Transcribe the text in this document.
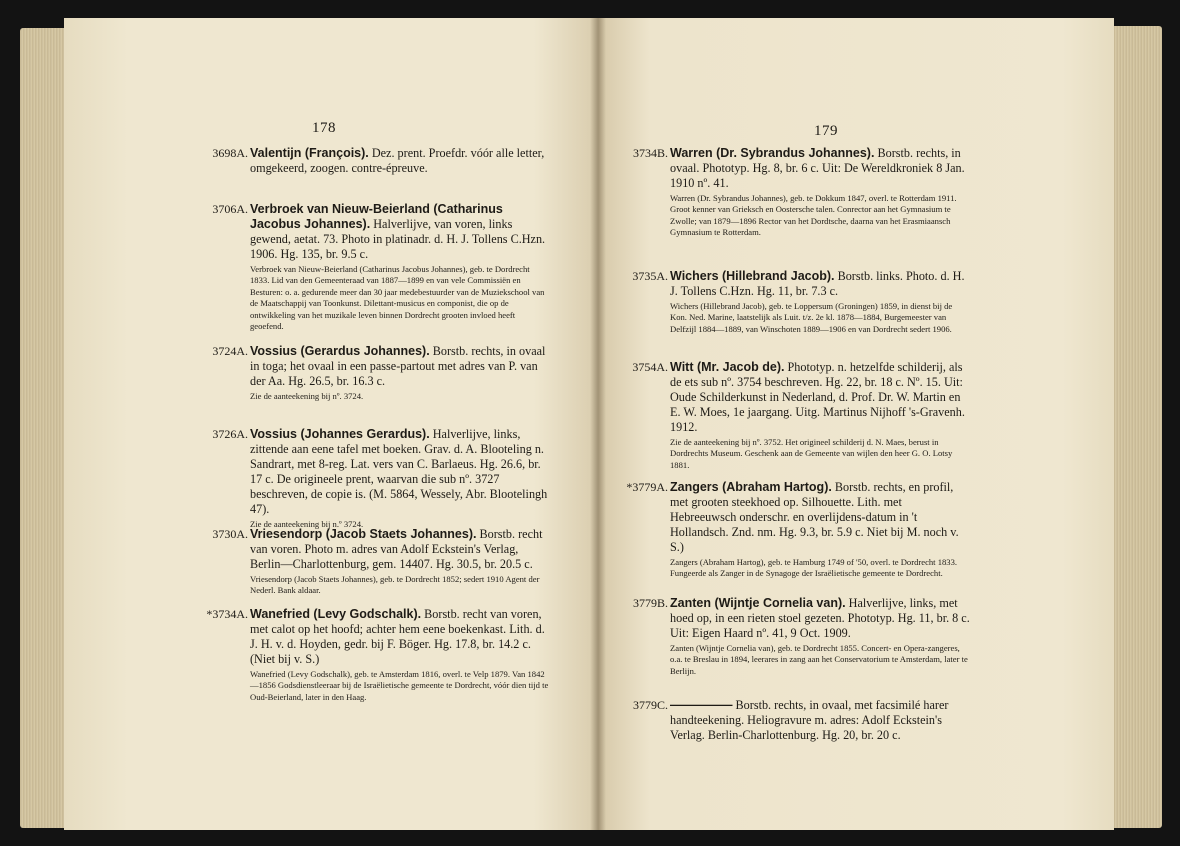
178
3698A. Valentijn (François). Dez. prent. Proefdr. vóór alle letter, omgekeerd, zoogen. contre-épreuve.

3706A. Verbroek van Nieuw-Beierland (Catharinus Jacobus Johannes). Halverlijve, van voren, links gewend, aetat. 73. Photo in platinadr. d. H. J. Tollens C.Hzn. 1906. Hg. 135, br. 9.5 c.

Verbroek van Nieuw-Beierland (Catharinus Jacobus Johannes), geb. te Dordrecht 1833. Lid van den Gemeenteraad van 1887—1899 en van vele Commissiën en Besturen: o. a. gedurende meer dan 30 jaar medebestuurder van de Muziekschool van de Maatschappij van Toonkunst. Dilettant-musicus en componist, die op de ontwikkeling van het muzikale leven binnen Dordrecht grooten invloed heeft geoefend.

3724A. Vossius (Gerardus Johannes). Borstb. rechts, in ovaal in toga; het ovaal in een passe-partout met adres van P. van der Aa. Hg. 26.5, br. 16.3 c.

Zie de aanteekening bij nº. 3724.

3726A. Vossius (Johannes Gerardus). Halverlijve, links, zittende aan eene tafel met boeken. Grav. d. A. Blooteling n. Sandrart, met 8-reg. Lat. vers van C. Barlaeus. Hg. 26.6, br. 17 c. De origineele prent, waarvan die sub nº. 3727 beschreven, de copie is. (M. 5864, Wessely, Abr. Blootelingh 47).

Zie de aanteekening bij n.º 3724.

3730A. Vriesendorp (Jacob Staets Johannes). Borstb. recht van voren. Photo m. adres van Adolf Eckstein's Verlag, Berlin—Charlottenburg, gem. 14407. Hg. 30.5, br. 20.5 c.

Vriesendorp (Jacob Staets Johannes), geb. te Dordrecht 1852; sedert 1910 Agent der Nederl. Bank aldaar.

*3734A. Wanefried (Levy Godschalk). Borstb. recht van voren, met calot op het hoofd; achter hem eene boekenkast. Lith. d. J. H. v. d. Hoyden, gedr. bij F. Böger. Hg. 17.8, br. 14.2 c. (Niet bij v. S.)

Wanefried (Levy Godschalk), geb. te Amsterdam 1816, overl. te Velp 1879. Van 1842—1856 Godsdienstleeraar bij de Israëlietische gemeente te Dordrecht, vóór dien tijd te Oud-Beierland, later in den Haag.

179
3734B. Warren (Dr. Sybrandus Johannes). Borstb. rechts, in ovaal. Phototyp. Hg. 8, br. 6 c. Uit: De Wereldkroniek 8 Jan. 1910 nº. 41.

Warren (Dr. Sybrandus Johannes), geb. te Dokkum 1847, overl. te Rotterdam 1911. Groot kenner van Grieksch en Oostersche talen. Conrector aan het Gymnasium te Zwolle; van 1879—1896 Rector van het Dordtsche, daarna van het Erasmiaansch Gymnasium te Rotterdam.

3735A. Wichers (Hillebrand Jacob). Borstb. links. Photo. d. H. J. Tollens C.Hzn. Hg. 11, br. 7.3 c.

Wichers (Hillebrand Jacob), geb. te Loppersum (Groningen) 1859, in dienst bij de Kon. Ned. Marine, laatstelijk als Luit. t/z. 2e kl. 1878—1884, Burgemeester van Delfzijl 1884—1889, van Winschoten 1889—1906 en van Dordrecht sedert 1906.

3754A. Witt (Mr. Jacob de). Phototyp. n. hetzelfde schilderij, als de ets sub nº. 3754 beschreven. Hg. 22, br. 18 c. Nº. 15. Uit: Oude Schilderkunst in Nederland, d. Prof. Dr. W. Martin en E. W. Moes, 1e jaargang. Uitg. Martinus Nijhoff 's-Gravenh. 1912.

Zie de aanteekening bij nº. 3752. Het origineel schilderij d. N. Maes, berust in Dordrechts Museum. Geschenk aan de Gemeente van wijlen den heer G. O. Lotsy 1881.

*3779A. Zangers (Abraham Hartog). Borstb. rechts, en profil, met grooten steekhoed op. Silhouette. Lith. met Hebreeuwsch onderschr. en overlijdens-datum in 't Hollandsch. Znd. nm. Hg. 9.3, br. 5.9 c. Niet bij M. noch v. S.)

Zangers (Abraham Hartog), geb. te Hamburg 1749 of '50, overl. te Dordrecht 1833. Fungeerde als Zanger in de Synagoge der Israëlietische gemeente te Dordrecht.

3779B. Zanten (Wijntje Cornelia van). Halverlijve, links, met hoed op, in een rieten stoel gezeten. Phototyp. Hg. 11, br. 8 c. Uit: Eigen Haard nº. 41, 9 Oct. 1909.

Zanten (Wijntje Cornelia van), geb. te Dordrecht 1855. Concert- en Opera-zangeres, o.a. te Breslau in 1894, leerares in zang aan het Conservatorium te Amsterdam, later te Berlijn.

3779C. ————— Borstb. rechts, in ovaal, met facsimilé harer handteekening. Heliogravure m. adres: Adolf Eckstein's Verlag. Berlin-Charlottenburg. Hg. 20, br. 20 c.
